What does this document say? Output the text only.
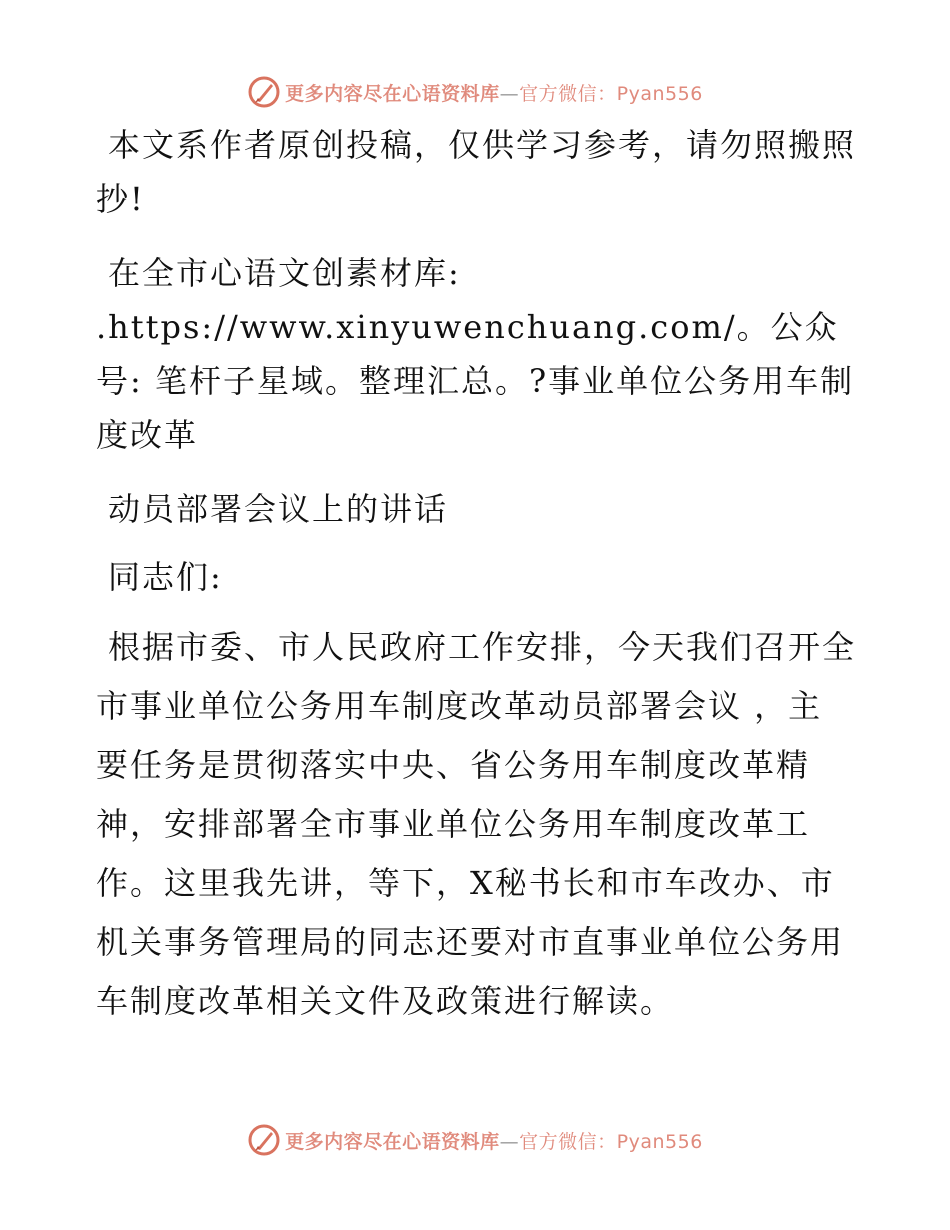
更多内容尽在心语资料库—官方微信：Pyan556

本文系作者原创投稿，仅供学习参考，请勿照搬照抄!

在全市心语文创素材库: .https://www.xinyuwenchuang.com/。公众号: 笔杆子星域。整理汇总。?事业单位公务用车制度改革

动员部署会议上的讲话

同志们:

根据市委、市人民政府工作安排，今天我们召开全市事业单位公务用车制度改革动员部署会议 ，主要任务是贯彻落实中央、省公务用车制度改革精神，安排部署全市事业单位公务用车制度改革工作。这里我先讲，等下，X秘书长和市车改办、市机关事务管理局的同志还要对市直事业单位公务用车制度改革相关文件及政策进行解读。

更多内容尽在心语资料库—官方微信：Pyan556
